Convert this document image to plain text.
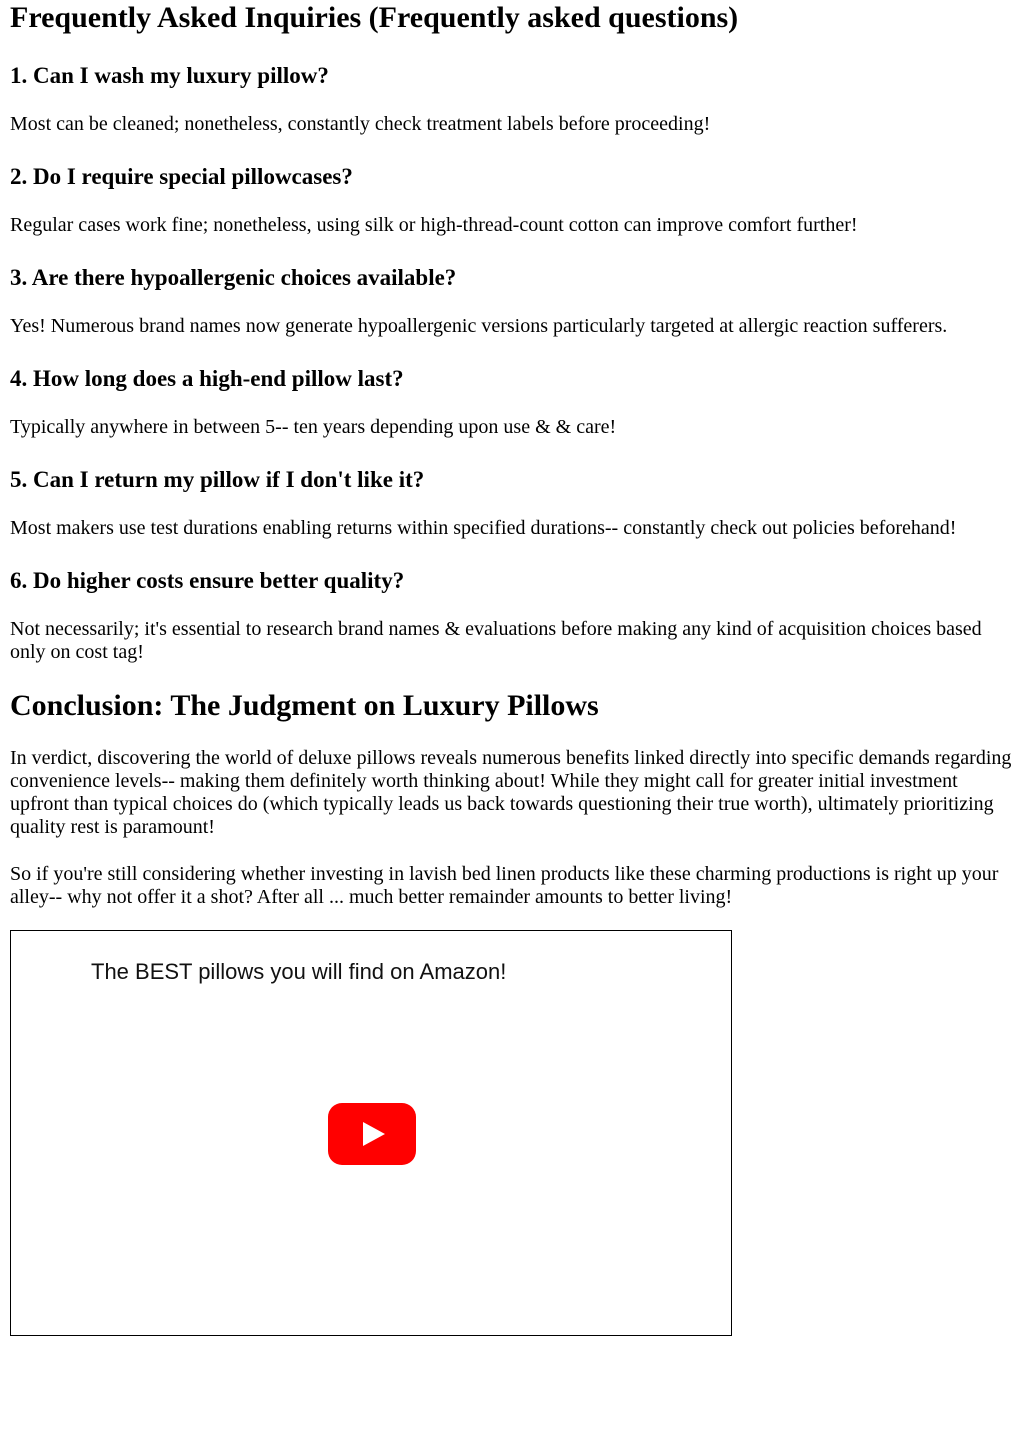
Frequently Asked Inquiries (Frequently asked questions)
1. Can I wash my luxury pillow?

Most can be cleaned; nonetheless, constantly check treatment labels before proceeding!

2. Do I require special pillowcases?

Regular cases work fine; nonetheless, using silk or high-thread-count cotton can improve comfort further!

3. Are there hypoallergenic choices available?

Yes! Numerous brand names now generate hypoallergenic versions particularly targeted at allergic reaction sufferers.

4. How long does a high-end pillow last?

Typically anywhere in between 5-- ten years depending upon use & & care!

5. Can I return my pillow if I don't like it?

Most makers use test durations enabling returns within specified durations-- constantly check out policies beforehand!

6. Do higher costs ensure better quality?

Not necessarily; it's essential to research brand names & evaluations before making any kind of acquisition choices based only on cost tag!

Conclusion: The Judgment on Luxury Pillows

In verdict, discovering the world of deluxe pillows reveals numerous benefits linked directly into specific demands regarding convenience levels-- making them definitely worth thinking about! While they might call for greater initial investment upfront than typical choices do (which typically leads us back towards questioning their true worth), ultimately prioritizing quality rest is paramount!

So if you're still considering whether investing in lavish bed linen products like these charming productions is right up your alley-- why not offer it a shot? After all ... much better remainder amounts to better living!

The BEST pillows you will find on Amazon!
